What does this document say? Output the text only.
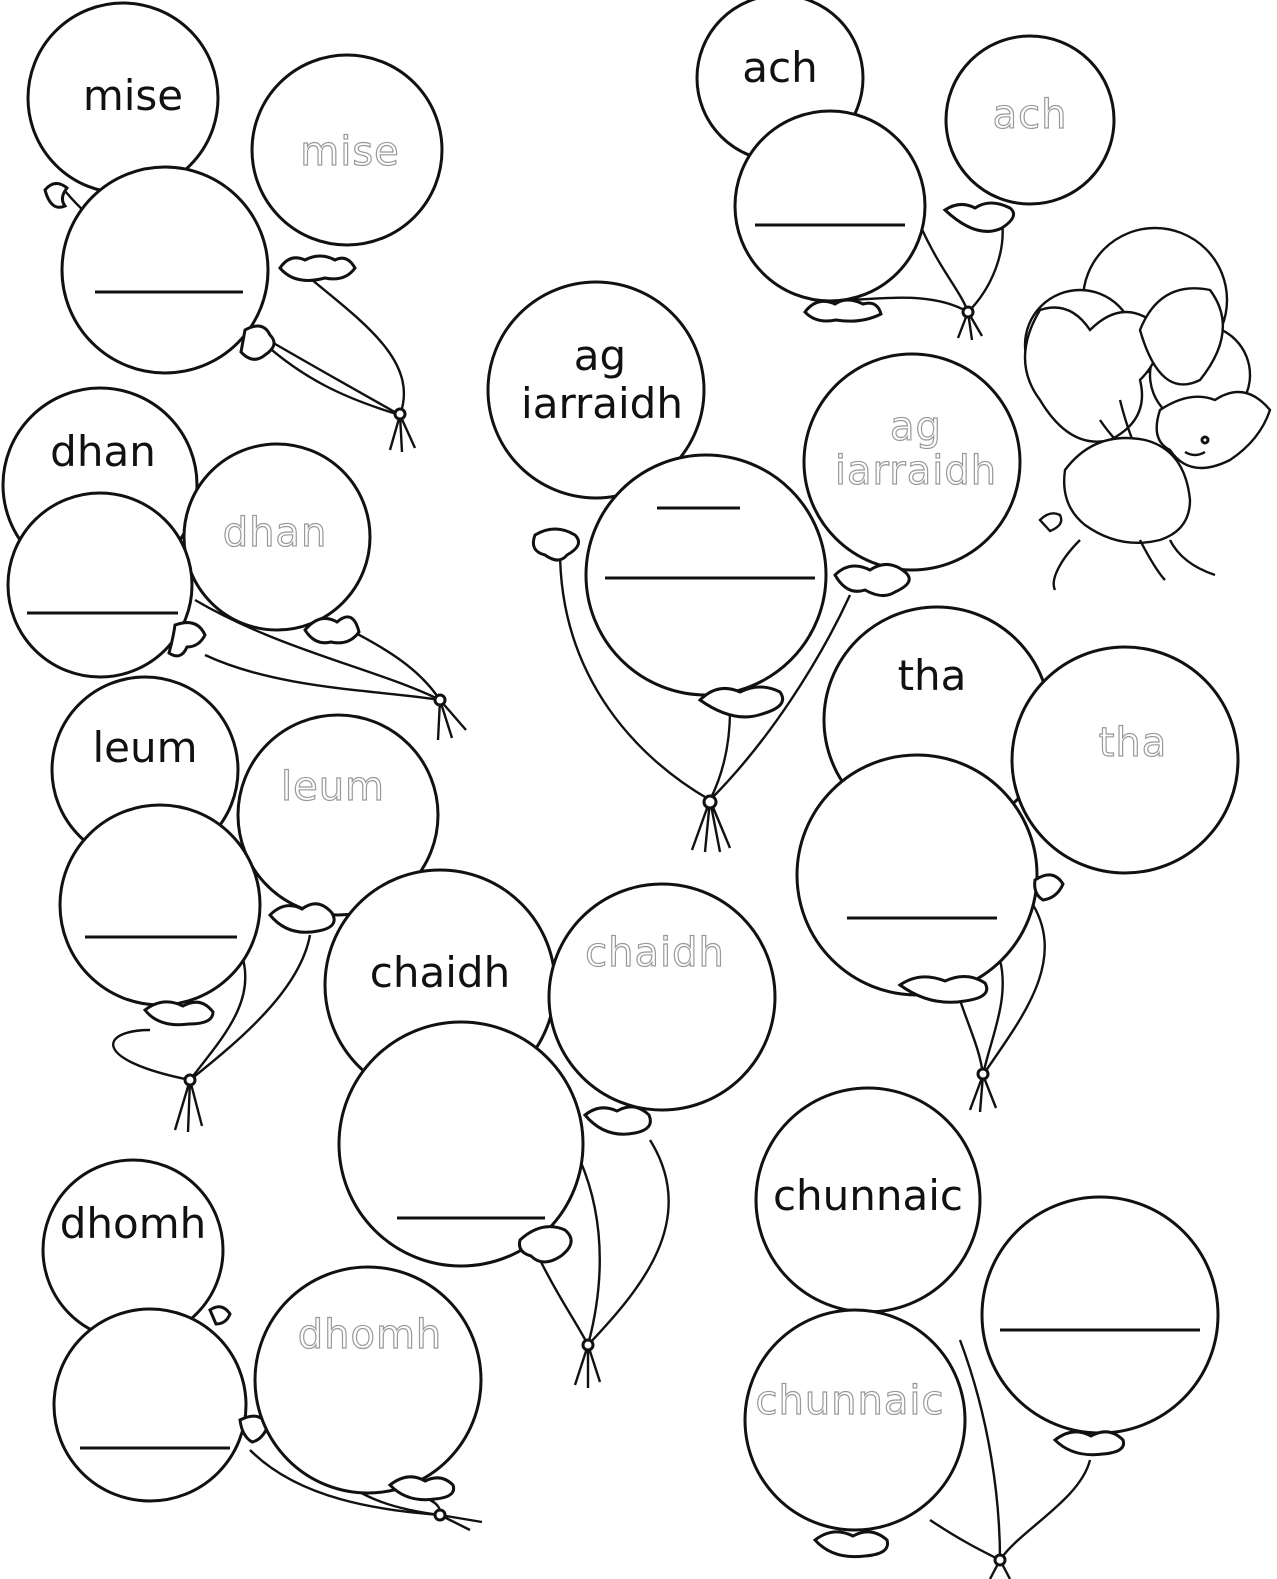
mise
mise
ach
ach
dhan
dhan
ag
iarraidh	ag
iarraidh
tha
tha
leum
leum
chaidh chaidh
dhomh
dhomh
chunnaic
chunnaic
